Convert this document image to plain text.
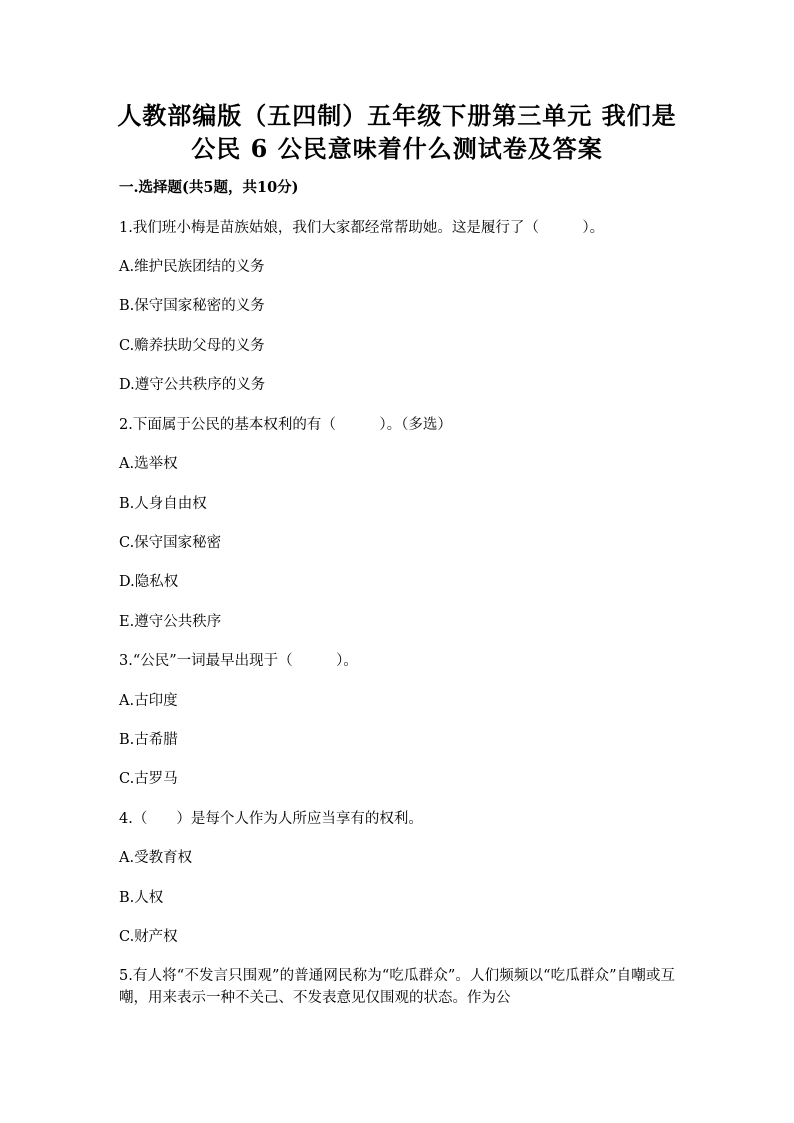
人教部编版（五四制）五年级下册第三单元 我们是
公民 6 公民意味着什么测试卷及答案
一.选择题(共5题，共10分)
1.我们班小梅是苗族姑娘，我们大家都经常帮助她。这是履行了（　　　）。
A.维护民族团结的义务
B.保守国家秘密的义务
C.赡养扶助父母的义务
D.遵守公共秩序的义务
2.下面属于公民的基本权利的有（　　　）。（多选）
A.选举权
B.人身自由权
C.保守国家秘密
D.隐私权
E.遵守公共秩序
3.“公民”一词最早出现于（　　　）。
A.古印度
B.古希腊
C.古罗马
4.（　　）是每个人作为人所应当享有的权利。
A.受教育权
B.人权
C.财产权
5.有人将“不发言只围观”的普通网民称为“吃瓜群众”。人们频频以“吃瓜群众”自嘲或互嘲，用来表示一种不关己、不发表意见仅围观的状态。作为公
